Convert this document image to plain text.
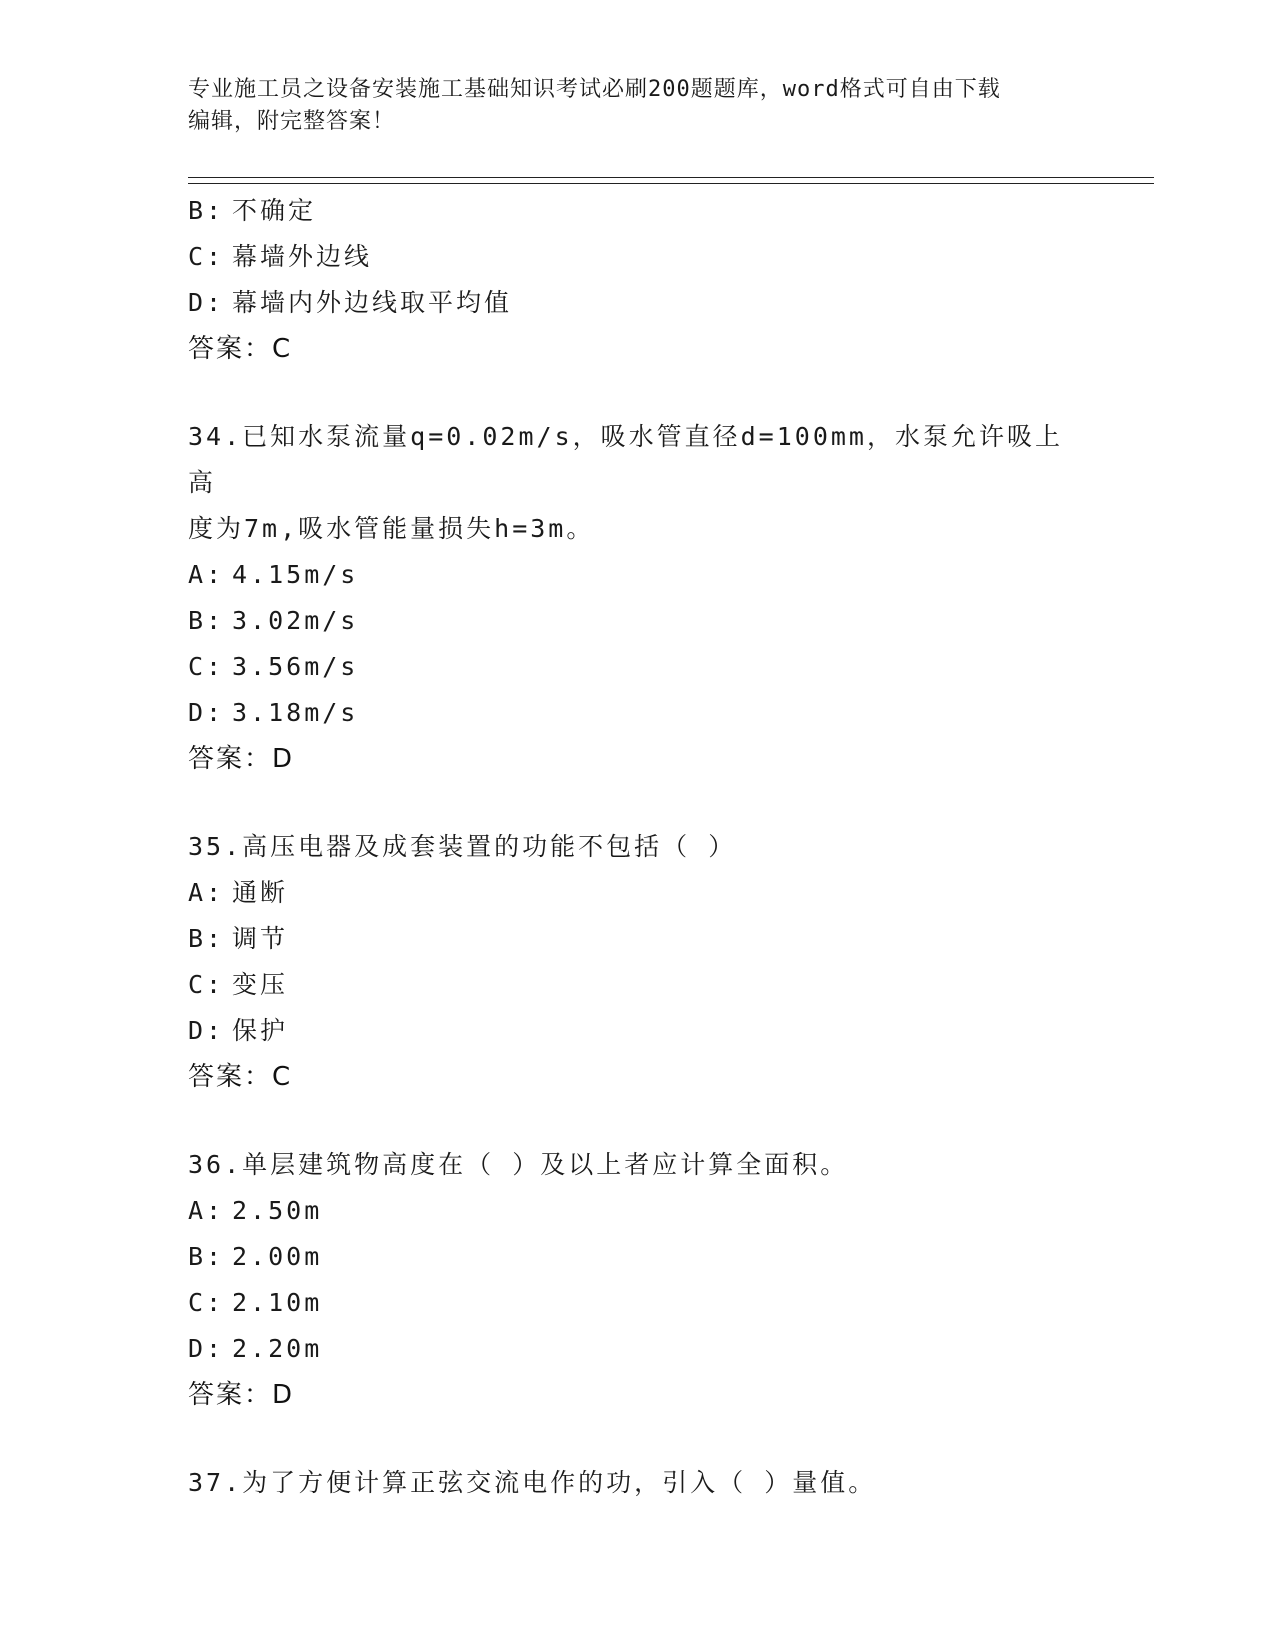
专业施工员之设备安装施工基础知识考试必刷200题题库，word格式可自由下载
编辑，附完整答案！
B: 不确定
C: 幕墙外边线
D: 幕墙内外边线取平均值
答案：C
34.已知水泵流量q=0.02m/s，吸水管直径d=100mm，水泵允许吸上高
度为7m,吸水管能量损失h=3m。
A: 4.15m/s
B: 3.02m/s
C: 3.56m/s
D: 3.18m/s
答案：D
35.高压电器及成套装置的功能不包括（ ）
A: 通断
B: 调节
C: 变压
D: 保护
答案：C
36.单层建筑物高度在（ ）及以上者应计算全面积。
A: 2.50m
B: 2.00m
C: 2.10m
D: 2.20m
答案：D
37.为了方便计算正弦交流电作的功，引入（ ）量值。
